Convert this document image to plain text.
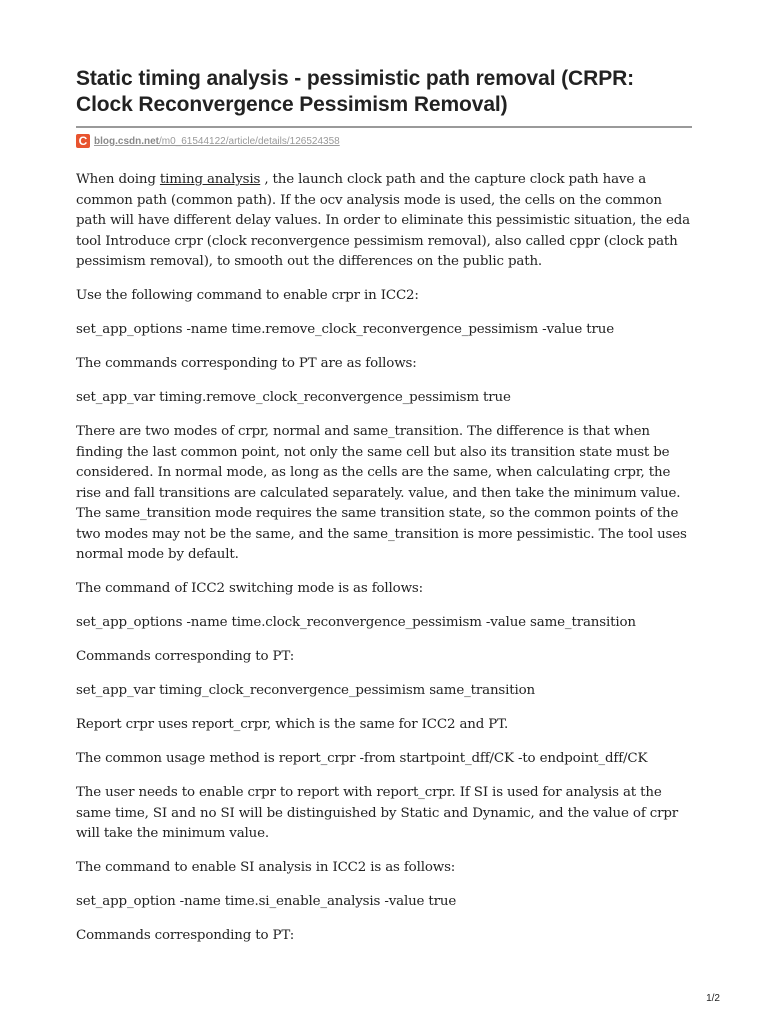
Static timing analysis - pessimistic path removal (CRPR: Clock Reconvergence Pessimism Removal)
C blog.csdn.net/m0_61544122/article/details/126524358

When doing timing analysis , the launch clock path and the capture clock path have a common path (common path). If the ocv analysis mode is used, the cells on the common path will have different delay values. In order to eliminate this pessimistic situation, the eda tool Introduce crpr (clock reconvergence pessimism removal), also called cppr (clock path pessimism removal), to smooth out the differences on the public path.

Use the following command to enable crpr in ICC2:

set_app_options -name time.remove_clock_reconvergence_pessimism -value true

The commands corresponding to PT are as follows:

set_app_var timing.remove_clock_reconvergence_pessimism true

There are two modes of crpr, normal and same_transition. The difference is that when finding the last common point, not only the same cell but also its transition state must be considered. In normal mode, as long as the cells are the same, when calculating crpr, the rise and fall transitions are calculated separately. value, and then take the minimum value. The same_transition mode requires the same transition state, so the common points of the two modes may not be the same, and the same_transition is more pessimistic. The tool uses normal mode by default.

The command of ICC2 switching mode is as follows:

set_app_options -name time.clock_reconvergence_pessimism -value same_transition

Commands corresponding to PT:

set_app_var timing_clock_reconvergence_pessimism same_transition

Report crpr uses report_crpr, which is the same for ICC2 and PT.

The common usage method is report_crpr -from startpoint_dff/CK -to endpoint_dff/CK

The user needs to enable crpr to report with report_crpr. If SI is used for analysis at the same time, SI and no SI will be distinguished by Static and Dynamic, and the value of crpr will take the minimum value.

The command to enable SI analysis in ICC2 is as follows:

set_app_option -name time.si_enable_analysis -value true

Commands corresponding to PT:

1/2
